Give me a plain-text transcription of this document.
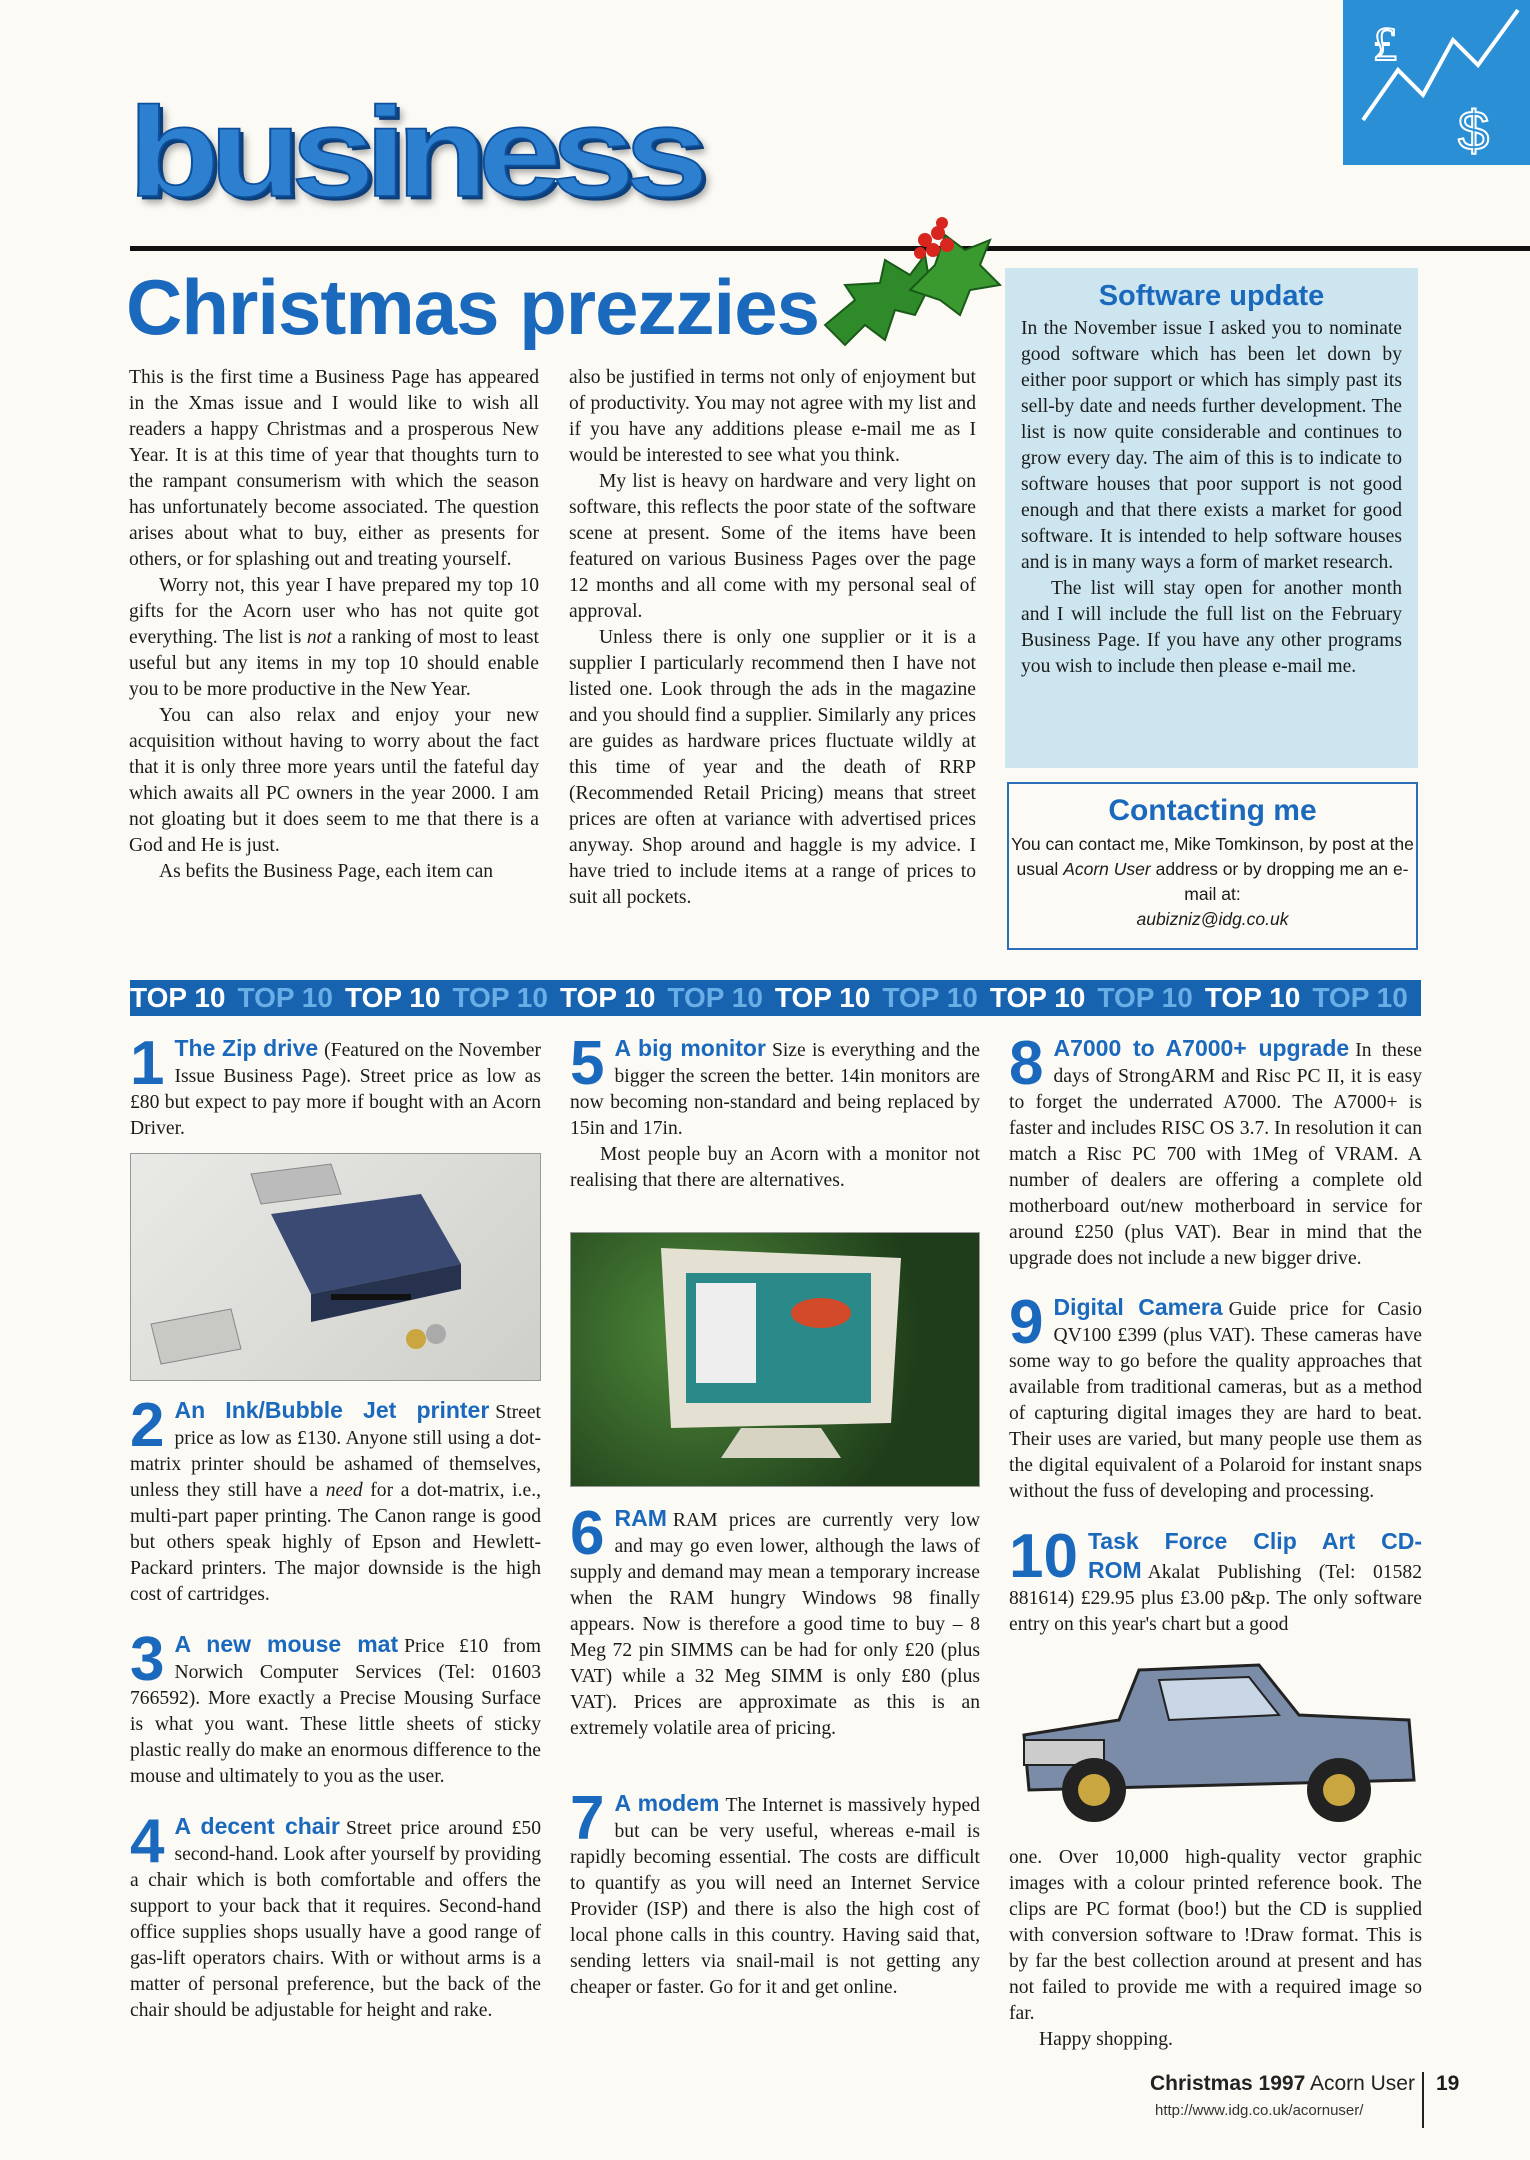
£
$
business
Christmas prezzies

This is the first time a Business Page has appeared in the Xmas issue and I would like to wish all readers a happy Christmas and a prosperous New Year. It is at this time of year that thoughts turn to the rampant consumerism with which the season has unfortunately become associated. The question arises about what to buy, either as presents for others, or for splashing out and treating yourself.

Worry not, this year I have prepared my top 10 gifts for the Acorn user who has not quite got everything. The list is not a ranking of most to least useful but any items in my top 10 should enable you to be more productive in the New Year.

You can also relax and enjoy your new acquisition without having to worry about the fact that it is only three more years until the fateful day which awaits all PC owners in the year 2000. I am not gloating but it does seem to me that there is a God and He is just.

As befits the Business Page, each item can

also be justified in terms not only of enjoyment but of productivity. You may not agree with my list and if you have any additions please e-mail me as I would be interested to see what you think.

My list is heavy on hardware and very light on software, this reflects the poor state of the software scene at present. Some of the items have been featured on various Business Pages over the page 12 months and all come with my personal seal of approval.

Unless there is only one supplier or it is a supplier I particularly recommend then I have not listed one. Look through the ads in the magazine and you should find a supplier. Similarly any prices are guides as hardware prices fluctuate wildly at this time of year and the death of RRP (Recommended Retail Pricing) means that street prices are often at variance with advertised prices anyway. Shop around and haggle is my advice. I have tried to include items at a range of prices to suit all pockets.

Software update

In the November issue I asked you to nominate good software which has been let down by either poor support or which has simply past its sell-by date and needs further development. The list is now quite considerable and continues to grow every day. The aim of this is to indicate to software houses that poor support is not good enough and that there exists a market for good software. It is intended to help software houses and is in many ways a form of market research.

The list will stay open for another month and I will include the full list on the February Business Page. If you have any other programs you wish to include then please e-mail me.

Contacting me

You can contact me, Mike Tomkinson, by post at the usual Acorn User address or by dropping me an e-mail at:

aubizniz@idg.co.uk

TOP 10 TOP 10 TOP 10 TOP 10 TOP 10 TOP 10 TOP 10 TOP 10 TOP 10 TOP 10 TOP 10 TOP 10
1 The Zip drive (Featured on the November Issue Business Page). Street price as low as £80 but expect to pay more if bought with an Acorn Driver.
2 An Ink/Bubble Jet printer Street price as low as £130. Anyone still using a dot-matrix printer should be ashamed of themselves, unless they still have a need for a dot-matrix, i.e., multi-part paper printing. The Canon range is good but others speak highly of Epson and Hewlett-Packard printers. The major downside is the high cost of cartridges.
3 A new mouse mat Price £10 from Norwich Computer Services (Tel: 01603 766592). More exactly a Precise Mousing Surface is what you want. These little sheets of sticky plastic really do make an enormous difference to the mouse and ultimately to you as the user.
4 A decent chair Street price around £50 second-hand. Look after yourself by providing a chair which is both comfortable and offers the support to your back that it requires. Second-hand office supplies shops usually have a good range of gas-lift operators chairs. With or without arms is a matter of personal preference, but the back of the chair should be adjustable for height and rake.
5 A big monitor Size is everything and the bigger the screen the better. 14in monitors are now becoming non-standard and being replaced by 15in and 17in.
Most people buy an Acorn with a monitor not realising that there are alternatives.
6 RAM RAM prices are currently very low and may go even lower, although the laws of supply and demand may mean a temporary increase when the RAM hungry Windows 98 finally appears. Now is therefore a good time to buy – 8 Meg 72 pin SIMMS can be had for only £20 (plus VAT) while a 32 Meg SIMM is only £80 (plus VAT). Prices are approximate as this is an extremely volatile area of pricing.
7 A modem The Internet is massively hyped but can be very useful, whereas e-mail is rapidly becoming essential. The costs are difficult to quantify as you will need an Internet Service Provider (ISP) and there is also the high cost of local phone calls in this country. Having said that, sending letters via snail-mail is not getting any cheaper or faster. Go for it and get online.
8 A7000 to A7000+ upgrade In these days of StrongARM and Risc PC II, it is easy to forget the underrated A7000. The A7000+ is faster and includes RISC OS 3.7. In resolution it can match a Risc PC 700 with 1Meg of VRAM. A number of dealers are offering a complete old motherboard out/new motherboard in service for around £250 (plus VAT). Bear in mind that the upgrade does not include a new bigger drive.
9 Digital Camera Guide price for Casio QV100 £399 (plus VAT). These cameras have some way to go before the quality approaches that available from traditional cameras, but as a method of capturing digital images they are hard to beat. Their uses are varied, but many people use them as the digital equivalent of a Polaroid for instant snaps without the fuss of developing and processing.
10 Task Force Clip Art CD-ROM Akalat Publishing (Tel: 01582 881614) £29.95 plus £3.00 p&p. The only software entry on this year's chart but a good
one. Over 10,000 high-quality vector graphic images with a colour printed reference book. The clips are PC format (boo!) but the CD is supplied with conversion software to !Draw format. This is by far the best collection around at present and has not failed to provide me with a required image so far.
Happy shopping.
Christmas 1997 Acorn User
http://www.idg.co.uk/acornuser/
19
